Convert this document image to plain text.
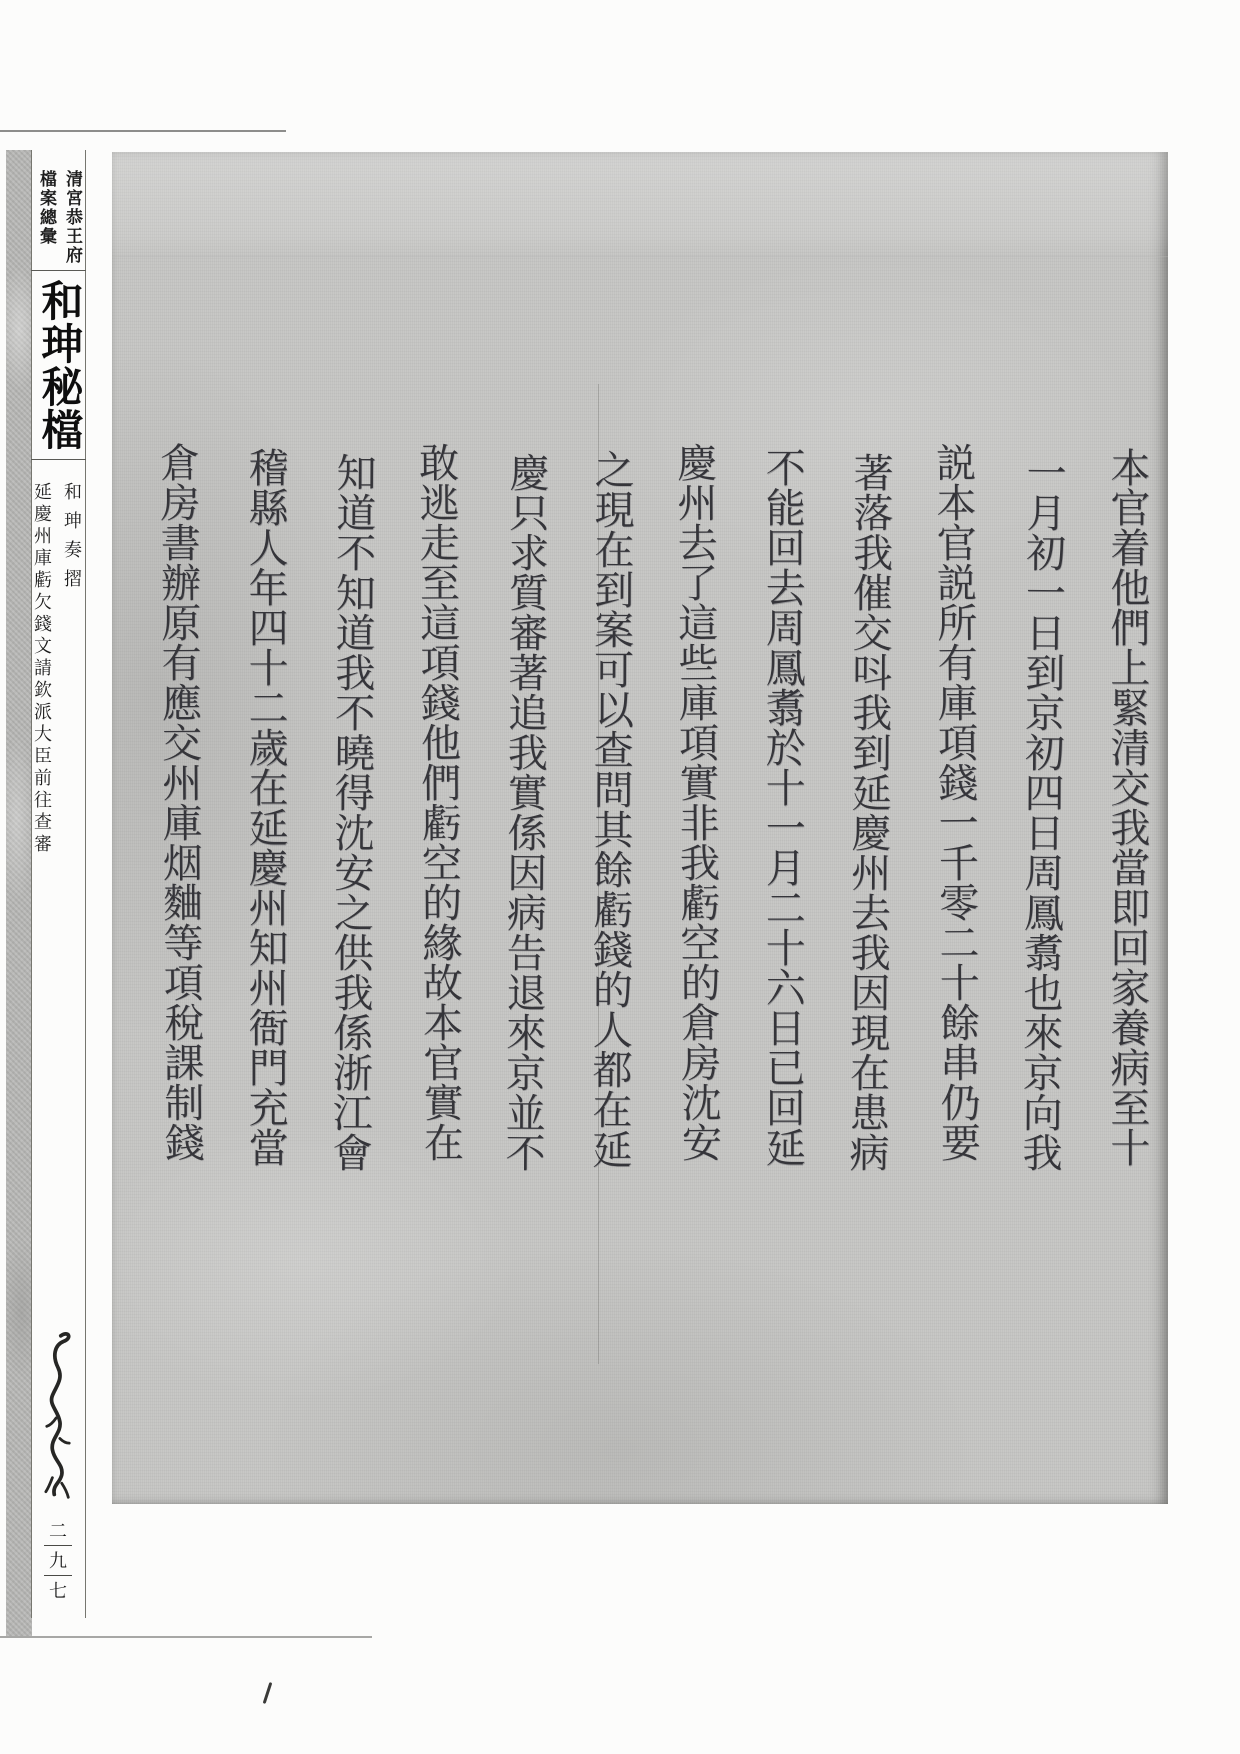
清宮恭王府 檔案總彙
和珅秘檔
和珅奏摺 延慶州庫虧欠錢文請欽派大臣前往查審
二
九
七
本官着他們上緊清交我當即回家養病至十
一月初一日到京初四日周鳳翥也來京向我
説本官説所有庫項錢一千零二十餘串仍要
著落我催交呌我到延慶州去我因現在患病
不能回去周鳳翥於十一月二十六日已回延
慶州去了這些庫項實非我虧空的倉房沈安
之現在到案可以查問其餘虧錢的人都在延
慶只求質審著追我實係因病告退來京並不
敢逃走至這項錢他們虧空的緣故本官實在
知道不知道我不曉得沈安之供我係浙江會
稽縣人年四十二歲在延慶州知州衙門充當
倉房書辦原有應交州庫烟麯等項稅課制錢
